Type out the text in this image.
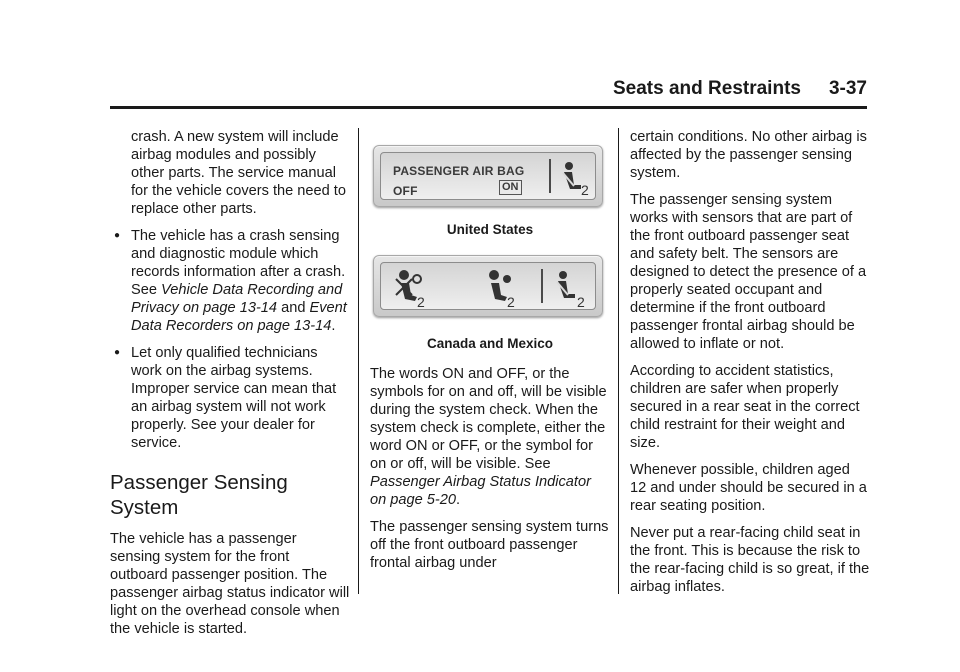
Seats and Restraints 3-37

crash. A new system will include airbag modules and possibly other parts. The service manual for the vehicle covers the need to replace other parts.

● The vehicle has a crash sensing and diagnostic module which records information after a crash. See Vehicle Data Recording and Privacy on page 13-14 and Event Data Recorders on page 13-14.

● Let only qualified technicians work on the airbag systems. Improper service can mean that an airbag system will not work properly. See your dealer for service.

Passenger Sensing System

The vehicle has a passenger sensing system for the front outboard passenger position. The passenger airbag status indicator will light on the overhead console when the vehicle is started.

PASSENGER AIR BAG
OFF	ON	2
United States
2	2	2
Canada and Mexico

The words ON and OFF, or the symbols for on and off, will be visible during the system check. When the system check is complete, either the word ON or OFF, or the symbol for on or off, will be visible. See Passenger Airbag Status Indicator on page 5-20.

The passenger sensing system turns off the front outboard passenger frontal airbag under

certain conditions. No other airbag is affected by the passenger sensing system.

The passenger sensing system works with sensors that are part of the front outboard passenger seat and safety belt. The sensors are designed to detect the presence of a properly seated occupant and determine if the front outboard passenger frontal airbag should be allowed to inflate or not.

According to accident statistics, children are safer when properly secured in a rear seat in the correct child restraint for their weight and size.

Whenever possible, children aged 12 and under should be secured in a rear seating position.

Never put a rear-facing child seat in the front. This is because the risk to the rear-facing child is so great, if the airbag inflates.
